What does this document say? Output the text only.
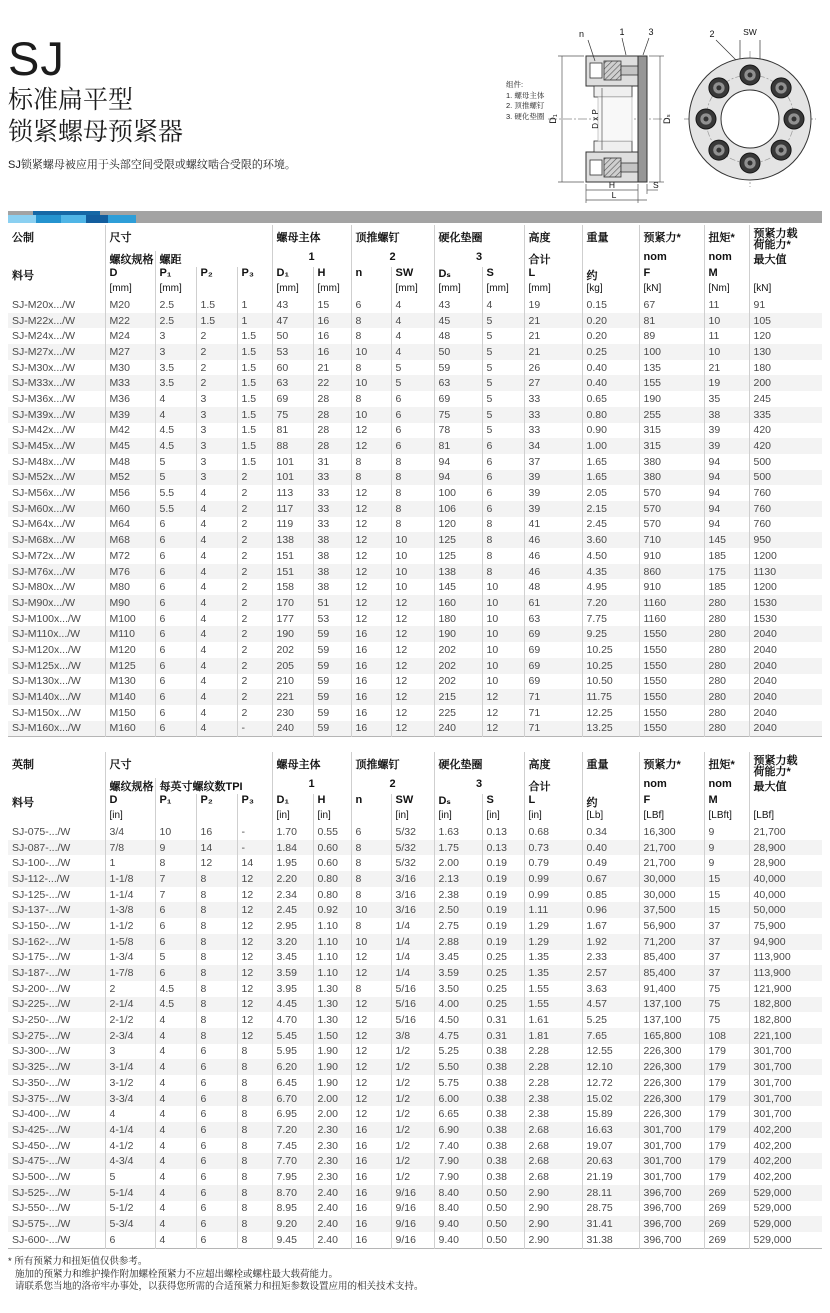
SJ
标准扁平型
锁紧螺母预紧器
SJ锁紧螺母被应用于头部空间受限或螺纹啮合受限的环境。
组件:
1. 螺母主体
2. 顶推螺钉
3. 硬化垫圈
n	1	3	2	SW
D₁	D x P	Dₛ
H	S
L
公制	尺寸				螺母主体		顶推螺钉		硬化垫圈		高度	重量	预紧力*	扭矩*	预紧力载
荷能力*

	螺纹规格	螺距			1		2		3		合计		nom	nom	最大值
料号	D	P₁	P₂	P₃	D₁	H	n	SW	Dₛ	S	L	约	F	M	
	[mm]	[mm]			[mm]	[mm]		[mm]	[mm]	[mm]	[mm]	[kg]	[kN]	[Nm]	[kN]
SJ-M20x.../W	M20	2.5	1.5	1	43	15	6	4	43	4	19	0.15	67	11	91
SJ-M22x.../W	M22	2.5	1.5	1	47	16	8	4	45	5	21	0.20	81	10	105
SJ-M24x.../W	M24	3	2	1.5	50	16	8	4	48	5	21	0.20	89	11	120
SJ-M27x.../W	M27	3	2	1.5	53	16	10	4	50	5	21	0.25	100	10	130
SJ-M30x.../W	M30	3.5	2	1.5	60	21	8	5	59	5	26	0.40	135	21	180
SJ-M33x.../W	M33	3.5	2	1.5	63	22	10	5	63	5	27	0.40	155	19	200
SJ-M36x.../W	M36	4	3	1.5	69	28	8	6	69	5	33	0.65	190	35	245
SJ-M39x.../W	M39	4	3	1.5	75	28	10	6	75	5	33	0.80	255	38	335
SJ-M42x.../W	M42	4.5	3	1.5	81	28	12	6	78	5	33	0.90	315	39	420
SJ-M45x.../W	M45	4.5	3	1.5	88	28	12	6	81	6	34	1.00	315	39	420
SJ-M48x.../W	M48	5	3	1.5	101	31	8	8	94	6	37	1.65	380	94	500
SJ-M52x.../W	M52	5	3	2	101	33	8	8	94	6	39	1.65	380	94	500
SJ-M56x.../W	M56	5.5	4	2	113	33	12	8	100	6	39	2.05	570	94	760
SJ-M60x.../W	M60	5.5	4	2	117	33	12	8	106	6	39	2.15	570	94	760
SJ-M64x.../W	M64	6	4	2	119	33	12	8	120	8	41	2.45	570	94	760
SJ-M68x.../W	M68	6	4	2	138	38	12	10	125	8	46	3.60	710	145	950
SJ-M72x.../W	M72	6	4	2	151	38	12	10	125	8	46	4.50	910	185	1200
SJ-M76x.../W	M76	6	4	2	151	38	12	10	138	8	46	4.35	860	175	1130
SJ-M80x.../W	M80	6	4	2	158	38	12	10	145	10	48	4.95	910	185	1200
SJ-M90x.../W	M90	6	4	2	170	51	12	12	160	10	61	7.20	1160	280	1530
SJ-M100x.../W	M100	6	4	2	177	53	12	12	180	10	63	7.75	1160	280	1530
SJ-M110x.../W	M110	6	4	2	190	59	16	12	190	10	69	9.25	1550	280	2040
SJ-M120x.../W	M120	6	4	2	202	59	16	12	202	10	69	10.25	1550	280	2040
SJ-M125x.../W	M125	6	4	2	205	59	16	12	202	10	69	10.25	1550	280	2040
SJ-M130x.../W	M130	6	4	2	210	59	16	12	202	10	69	10.50	1550	280	2040
SJ-M140x.../W	M140	6	4	2	221	59	16	12	215	12	71	11.75	1550	280	2040
SJ-M150x.../W	M150	6	4	2	230	59	16	12	225	12	71	12.25	1550	280	2040
SJ-M160x.../W	M160	6	4	-	240	59	16	12	240	12	71	13.25	1550	280	2040
英制	尺寸				螺母主体		顶推螺钉		硬化垫圈		高度	重量	预紧力*	扭矩*	预紧力载
荷能力*

	螺纹规格	每英寸螺纹数TPI			1		2		3		合计		nom	nom	最大值
料号	D	P₁	P₂	P₃	D₁	H	n	SW	Dₛ	S	L	约	F	M	
	[in]				[in]	[in]		[in]	[in]	[in]	[in]	[Lb]	[LBf]	[LBft]	[LBf]
SJ-075-.../W	3/4	10	16	-	1.70	0.55	6	5/32	1.63	0.13	0.68	0.34	16,300	9	21,700
SJ-087-.../W	7/8	9	14	-	1.84	0.60	8	5/32	1.75	0.13	0.73	0.40	21,700	9	28,900
SJ-100-.../W	1	8	12	14	1.95	0.60	8	5/32	2.00	0.19	0.79	0.49	21,700	9	28,900
SJ-112-.../W	1-1/8	7	8	12	2.20	0.80	8	3/16	2.13	0.19	0.99	0.67	30,000	15	40,000
SJ-125-.../W	1-1/4	7	8	12	2.34	0.80	8	3/16	2.38	0.19	0.99	0.85	30,000	15	40,000
SJ-137-.../W	1-3/8	6	8	12	2.45	0.92	10	3/16	2.50	0.19	1.11	0.96	37,500	15	50,000
SJ-150-.../W	1-1/2	6	8	12	2.95	1.10	8	1/4	2.75	0.19	1.29	1.67	56,900	37	75,900
SJ-162-.../W	1-5/8	6	8	12	3.20	1.10	10	1/4	2.88	0.19	1.29	1.92	71,200	37	94,900
SJ-175-.../W	1-3/4	5	8	12	3.45	1.10	12	1/4	3.45	0.25	1.35	2.33	85,400	37	113,900
SJ-187-.../W	1-7/8	6	8	12	3.59	1.10	12	1/4	3.59	0.25	1.35	2.57	85,400	37	113,900
SJ-200-.../W	2	4.5	8	12	3.95	1.30	8	5/16	3.50	0.25	1.55	3.63	91,400	75	121,900
SJ-225-.../W	2-1/4	4.5	8	12	4.45	1.30	12	5/16	4.00	0.25	1.55	4.57	137,100	75	182,800
SJ-250-.../W	2-1/2	4	8	12	4.70	1.30	12	5/16	4.50	0.31	1.61	5.25	137,100	75	182,800
SJ-275-.../W	2-3/4	4	8	12	5.45	1.50	12	3/8	4.75	0.31	1.81	7.65	165,800	108	221,100
SJ-300-.../W	3	4	6	8	5.95	1.90	12	1/2	5.25	0.38	2.28	12.55	226,300	179	301,700
SJ-325-.../W	3-1/4	4	6	8	6.20	1.90	12	1/2	5.50	0.38	2.28	12.10	226,300	179	301,700
SJ-350-.../W	3-1/2	4	6	8	6.45	1.90	12	1/2	5.75	0.38	2.28	12.72	226,300	179	301,700
SJ-375-.../W	3-3/4	4	6	8	6.70	2.00	12	1/2	6.00	0.38	2.38	15.02	226,300	179	301,700
SJ-400-.../W	4	4	6	8	6.95	2.00	12	1/2	6.65	0.38	2.38	15.89	226,300	179	301,700
SJ-425-.../W	4-1/4	4	6	8	7.20	2.30	16	1/2	6.90	0.38	2.68	16.63	301,700	179	402,200
SJ-450-.../W	4-1/2	4	6	8	7.45	2.30	16	1/2	7.40	0.38	2.68	19.07	301,700	179	402,200
SJ-475-.../W	4-3/4	4	6	8	7.70	2.30	16	1/2	7.90	0.38	2.68	20.63	301,700	179	402,200
SJ-500-.../W	5	4	6	8	7.95	2.30	16	1/2	7.90	0.38	2.68	21.19	301,700	179	402,200
SJ-525-.../W	5-1/4	4	6	8	8.70	2.40	16	9/16	8.40	0.50	2.90	28.11	396,700	269	529,000
SJ-550-.../W	5-1/2	4	6	8	8.95	2.40	16	9/16	8.40	0.50	2.90	28.75	396,700	269	529,000
SJ-575-.../W	5-3/4	4	6	8	9.20	2.40	16	9/16	9.40	0.50	2.90	31.41	396,700	269	529,000
SJ-600-.../W	6	4	6	8	9.45	2.40	16	9/16	9.40	0.50	2.90	31.38	396,700	269	529,000
* 所有预紧力和扭矩值仅供参考。
施加的预紧力和维护操作附加螺栓预紧力不应超出螺栓或螺柱最大载荷能力。
请联系您当地的洛帝牢办事处，以获得您所需的合适预紧力和扭矩参数设置应用的相关技术支持。
